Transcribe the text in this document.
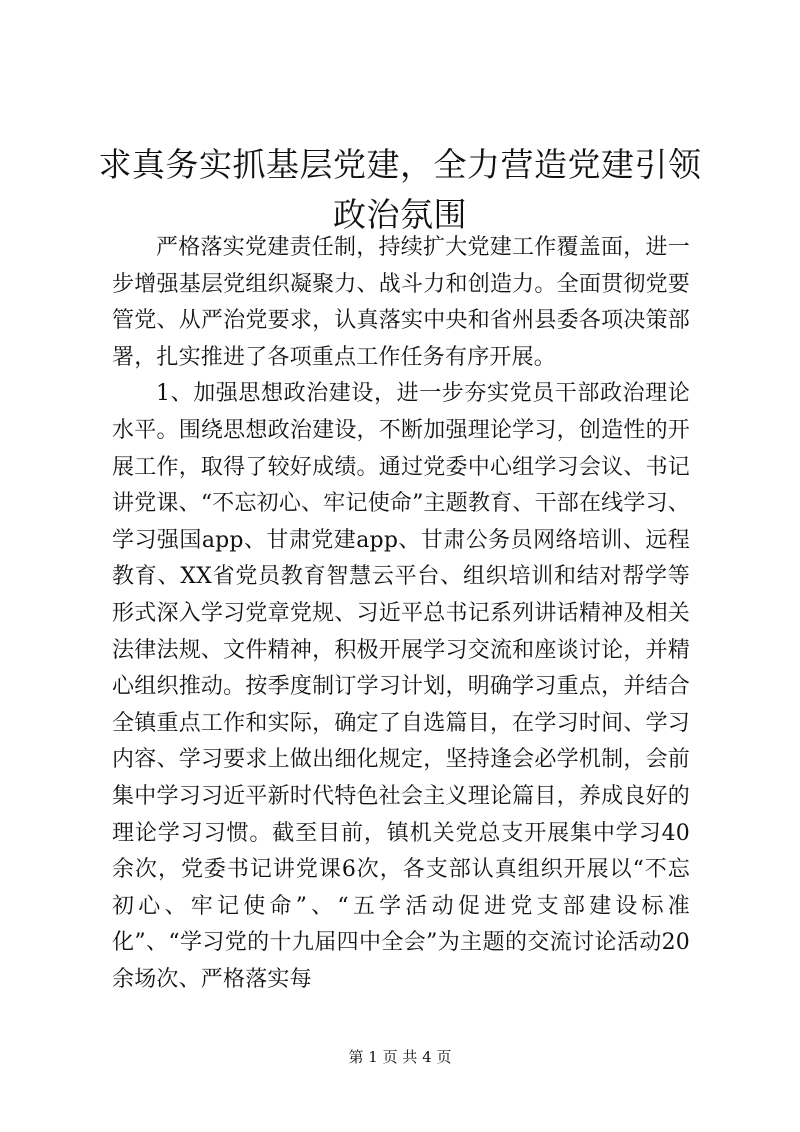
求真务实抓基层党建，全力营造党建引领政治氛围

严格落实党建责任制，持续扩大党建工作覆盖面，进一步增强基层党组织凝聚力、战斗力和创造力。全面贯彻党要管党、从严治党要求，认真落实中央和省州县委各项决策部署，扎实推进了各项重点工作任务有序开展。

1、加强思想政治建设，进一步夯实党员干部政治理论水平。围绕思想政治建设，不断加强理论学习，创造性的开展工作，取得了较好成绩。通过党委中心组学习会议、书记讲党课、“不忘初心、牢记使命”主题教育、干部在线学习、学习强国app、甘肃党建app、甘肃公务员网络培训、远程教育、XX省党员教育智慧云平台、组织培训和结对帮学等形式深入学习党章党规、习近平总书记系列讲话精神及相关法律法规、文件精神，积极开展学习交流和座谈讨论，并精心组织推动。按季度制订学习计划，明确学习重点，并结合全镇重点工作和实际，确定了自选篇目，在学习时间、学习内容、学习要求上做出细化规定，坚持逢会必学机制，会前集中学习习近平新时代特色社会主义理论篇目，养成良好的理论学习习惯。截至目前，镇机关党总支开展集中学习40余次，党委书记讲党课6次，各支部认真组织开展以“不忘初心、牢记使命”、“五学活动促进党支部建设标准化”、“学习党的十九届四中全会”为主题的交流讨论活动20余场次、严格落实每

第 1 页 共 4 页
